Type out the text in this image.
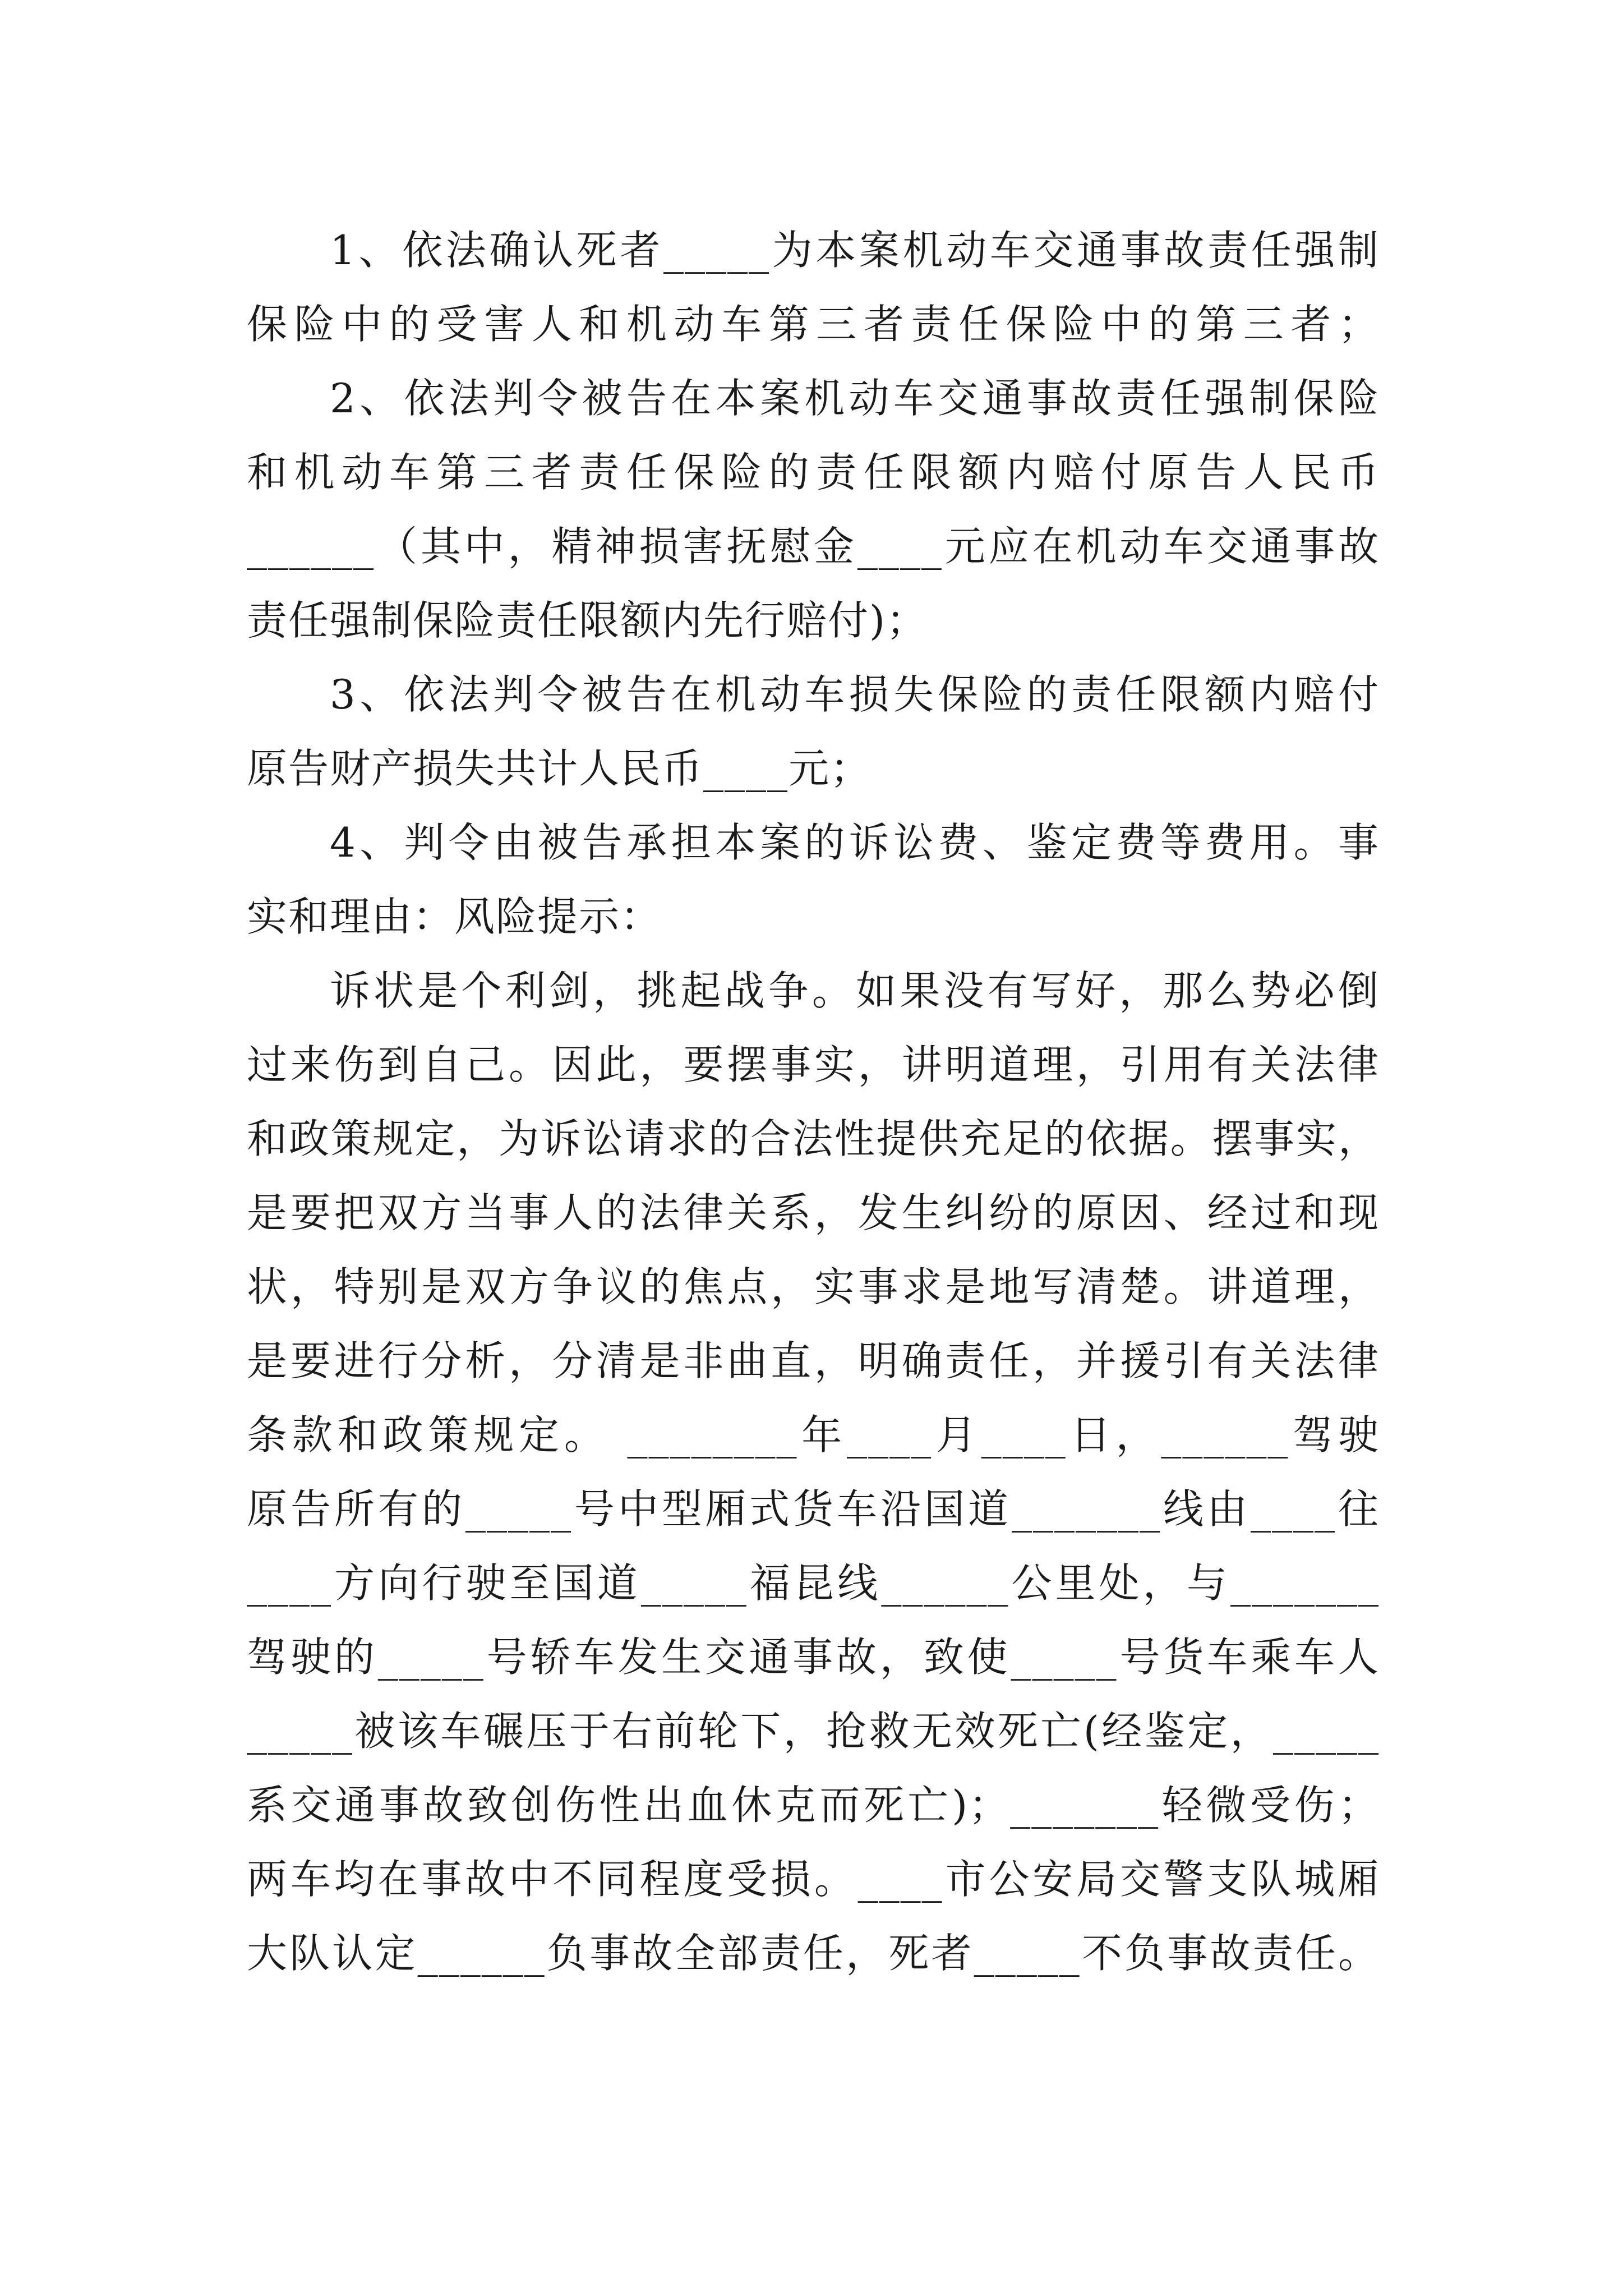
1、依法确认死者_____为本案机动车交通事故责任强制
保险中的受害人和机动车第三者责任保险中的第三者；
2、依法判令被告在本案机动车交通事故责任强制保险
和机动车第三者责任保险的责任限额内赔付原告人民币
______（其中，精神损害抚慰金____元应在机动车交通事故
责任强制保险责任限额内先行赔付)；
3、依法判令被告在机动车损失保险的责任限额内赔付
原告财产损失共计人民币____元；
4、判令由被告承担本案的诉讼费、鉴定费等费用。事
实和理由：风险提示：
诉状是个利剑，挑起战争。如果没有写好，那么势必倒
过来伤到自己。因此，要摆事实，讲明道理，引用有关法律
和政策规定，为诉讼请求的合法性提供充足的依据。摆事实，
是要把双方当事人的法律关系，发生纠纷的原因、经过和现
状，特别是双方争议的焦点，实事求是地写清楚。讲道理，
是要进行分析，分清是非曲直，明确责任，并援引有关法律
条款和政策规定。 ________年____月____日，______驾驶
原告所有的_____号中型厢式货车沿国道_______线由____往
____方向行驶至国道_____福昆线______公里处，与_______
驾驶的_____号轿车发生交通事故，致使_____号货车乘车人
_____被该车碾压于右前轮下，抢救无效死亡(经鉴定，_____
系交通事故致创伤性出血休克而死亡)；_______轻微受伤；
两车均在事故中不同程度受损。____市公安局交警支队城厢
大队认定______负事故全部责任，死者_____不负事故责任。
